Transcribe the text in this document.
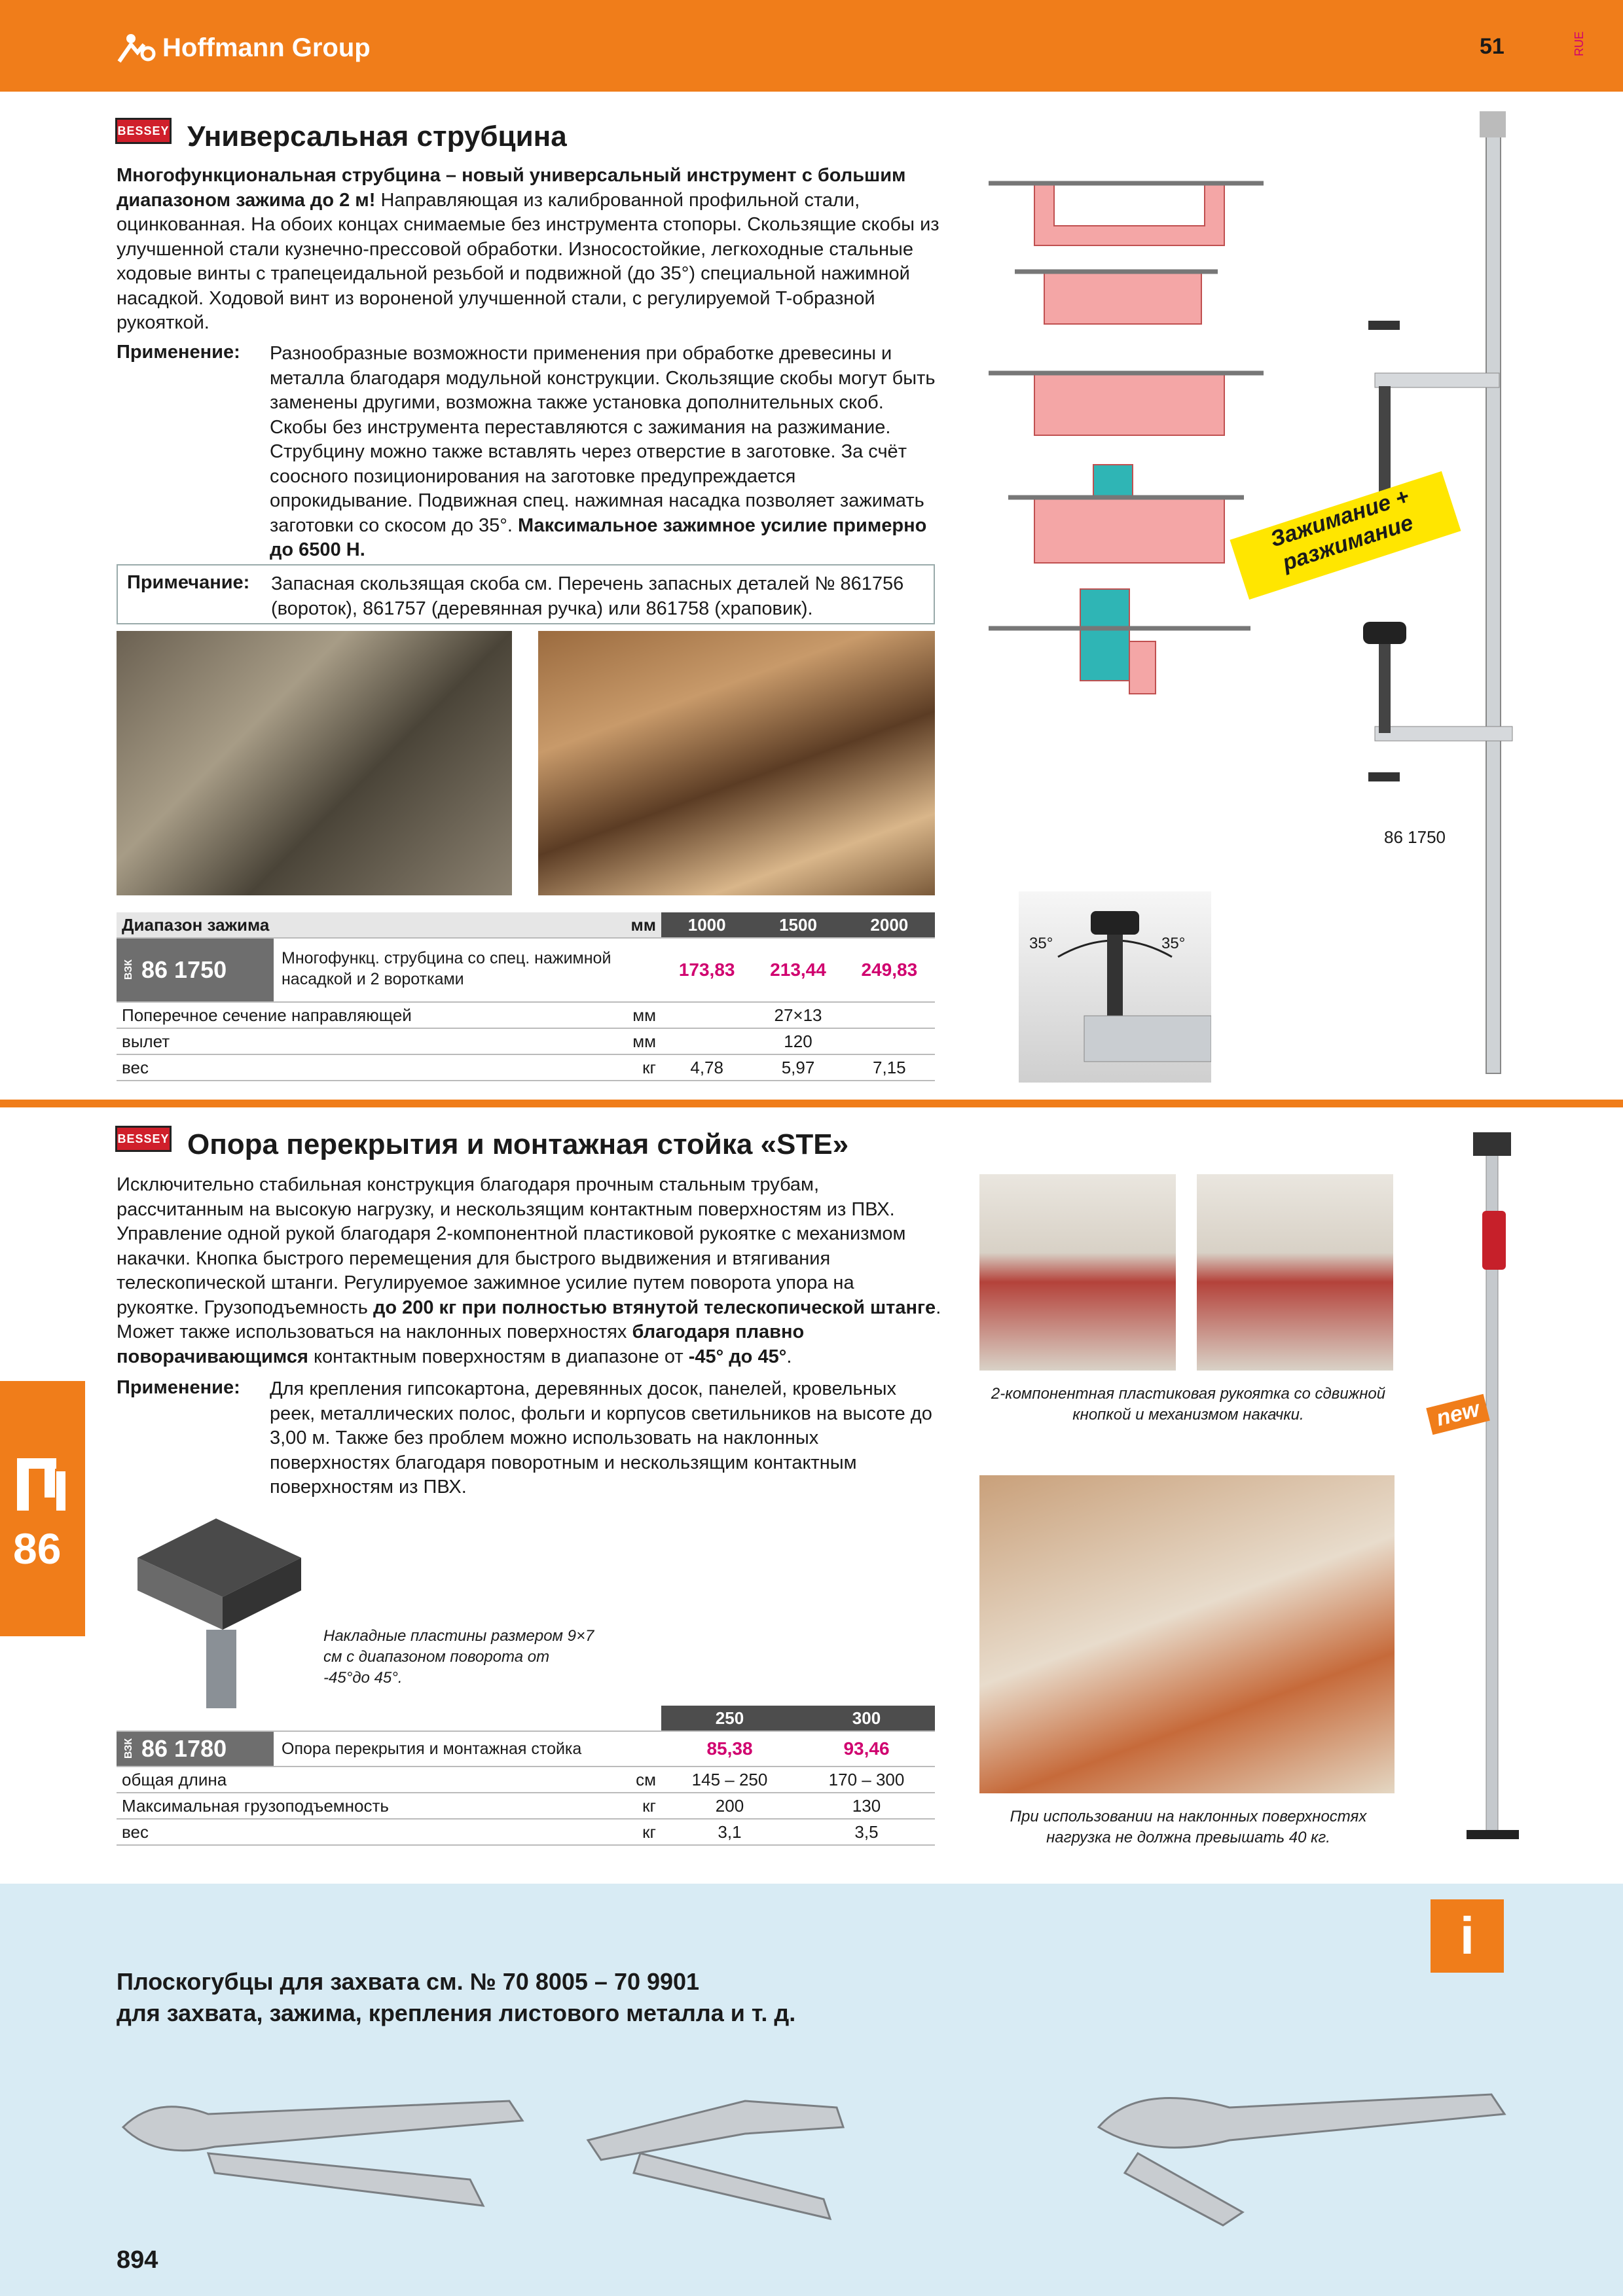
Hoffmann Group	51	RUE
BESSEY Универсальная струбцина
Многофункциональная струбцина – новый универсальный инструмент с большим диапазоном зажима до 2 м! Направляющая из калиброванной профильной стали, оцинкованная. На обоих концах снимаемые без инструмента стопоры. Скользящие скобы из улучшенной стали кузнечно-прессовой обработки. Износостойкие, легкоходные стальные ходовые винты с трапецеидальной резьбой и подвижной (до 35°) специальной нажимной насадкой. Ходовой винт из вороненой улучшенной стали, с регулируемой T-образной рукояткой.
Применение: Разнообразные возможности применения при обработке древесины и металла благодаря модульной конструкции. Скользящие скобы могут быть заменены другими, возможна также установка дополнительных скоб. Скобы без инструмента переставляются с зажимания на разжимание. Струбцину можно также вставлять через отверстие в заготовке. За счёт соосного позиционирования на заготовке предупреждается опрокидывание. Подвижная спец. нажимная насадка позволяет зажимать заготовки со скосом до 35°. Максимальное зажимное усилие примерно до 6500 Н.
Примечание: Запасная скользящая скоба см. Перечень запасных деталей № 861756 (вороток), 861757 (деревянная ручка) или 861758 (храповик).
Зажимание + разжимание
86 1750
35°	35°
Диапазон зажима	мм	1000	1500	2000

ВЗК 86 1750 Многофункц. струбцина со спец. нажимной насадкой и 2 воротками		173,83	213,44	249,83
Поперечное сечение направляющей	мм	27×13		
вылет	мм	120		
вес	кг	4,78	5,97	7,15
BESSEY Опора перекрытия и монтажная стойка «STE»
Исключительно стабильная конструкция благодаря прочным стальным трубам, рассчитанным на высокую нагрузку, и нескользящим контактным поверхностям из ПВХ. Управление одной рукой благодаря 2-компонентной пластиковой рукоятке с механизмом накачки. Кнопка быстрого перемещения для быстрого выдвижения и втягивания телескопической штанги. Регулируемое зажимное усилие путем поворота упора на рукоятке. Грузоподъемность до 200 кг при полностью втянутой телескопической штанге. Может также использоваться на наклонных поверхностях благодаря плавно поворачивающимся контактным поверхностям в диапазоне от -45° до 45°.
Применение: Для крепления гипсокартона, деревянных досок, панелей, кровельных реек, металлических полос, фольги и корпусов светильников на высоте до 3,00 м. Также без проблем можно использовать на наклонных поверхностях благодаря поворотным и нескользящим контактным поверхностям из ПВХ.
86
Накладные пластины размером 9×7 см с диапазоном поворота от -45°до 45°.
2-компонентная пластиковая рукоятка со сдвижной кнопкой и механизмом накачки.
При использовании на наклонных поверхностях нагрузка не должна превышать 40 кг.
new
		250	300

ВЗК 86 1780 Опора перекрытия и монтажная стойка		85,38	93,46
общая длина	см	145 – 250	170 – 300
Максимальная грузоподъемность	кг	200	130
вес	кг	3,1	3,5
i
Плоскогубцы для захвата см. № 70 8005 – 70 9901
для захвата, зажима, крепления листового металла и т. д.
894
